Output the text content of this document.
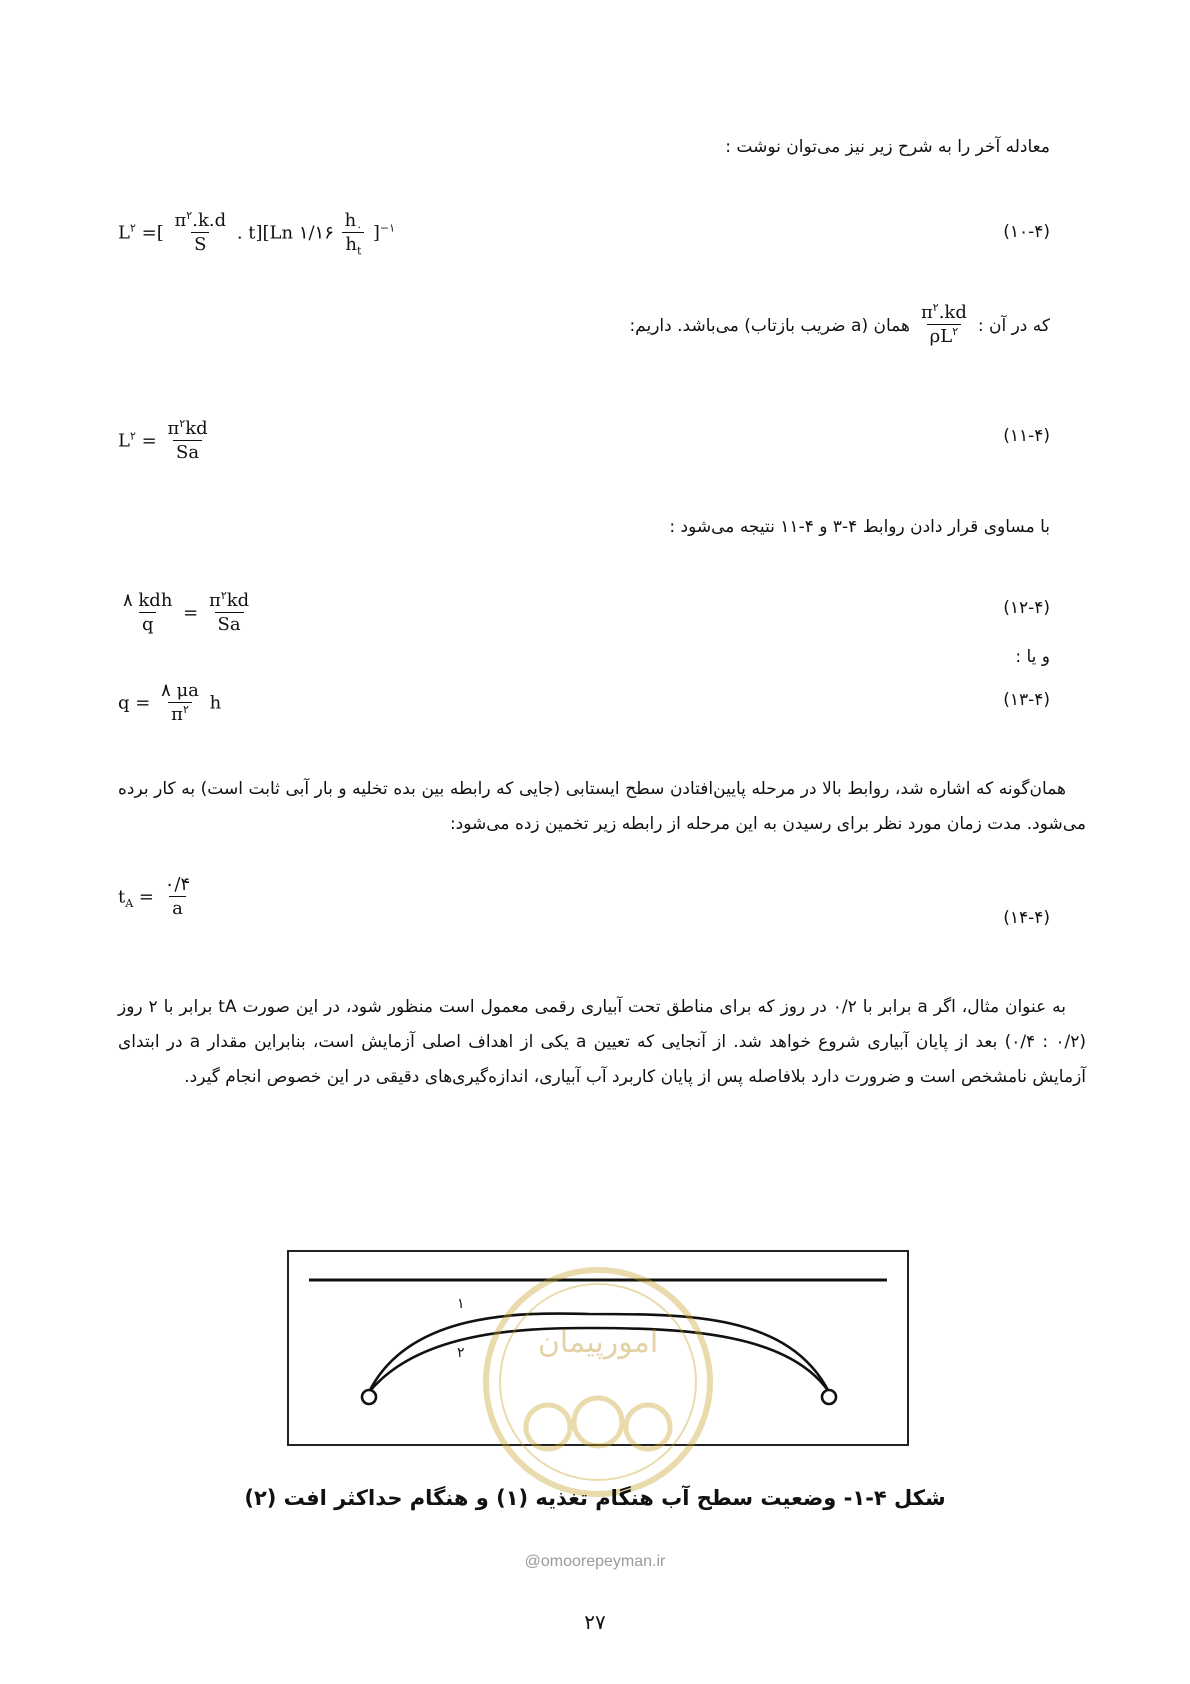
معادله آخر را به شرح زیر نیز می‌توان نوشت :
(۱۰-۴)
$L^۲$ =[ $\frac{\pi^۲.k.d}{S}$ . t][Ln ۱/۱۶ $\frac{h_۰}{h_t} ]^{-۱}$
که در آن :
$\frac{\pi^۲.kd}{\rho L^۲}$
همان (a ضریب بازتاب) می‌باشد. داریم:
(۱۱-۴)
$L^۲ = \frac{\pi^۲kd}{Sa}$
با مساوی قرار دادن روابط ۴-۳ و ۴-۱۱ نتیجه می‌شود :
(۱۲-۴)
$\frac{\text{۸ kdh}}{q} = \frac{\pi^۲kd}{Sa}$
و یا :
(۱۳-۴)
$q = \frac{۸ \mu a}{\pi^۲}$ h
همان‌گونه که اشاره شد، روابط بالا در مرحله پایین‌افتادن سطح ایستابی (جایی که رابطه بین بده تخلیه و بار آبی ثابت است) به کار برده می‌شود. مدت زمان مورد نظر برای رسیدن به این مرحله از رابطه زیر تخمین زده می‌شود:
(۱۴-۴)
$t_A = \frac{۰/۴}{a}$
به عنوان مثال، اگر a برابر با ۰/۲ در روز که برای مناطق تحت آبیاری رقمی معمول است منظور شود، در این صورت tA برابر با ۲ روز (۰/۲ : ۰/۴) بعد از پایان آبیاری شروع خواهد شد. از آنجایی که تعیین a یکی از اهداف اصلی آزمایش است، بنابراین مقدار a در ابتدای آزمایش نامشخص است و ضرورت دارد بلافاصله پس از پایان کاربرد آب آبیاری، اندازه‌گیری‌های دقیقی در این خصوص انجام گیرد.
۱
۲ امورپیمان
شکل ۴-۱- وضعیت سطح آب هنگام تغذیه (۱) و هنگام حداکثر افت (۲)
@omoorepeyman.ir
۲۷
